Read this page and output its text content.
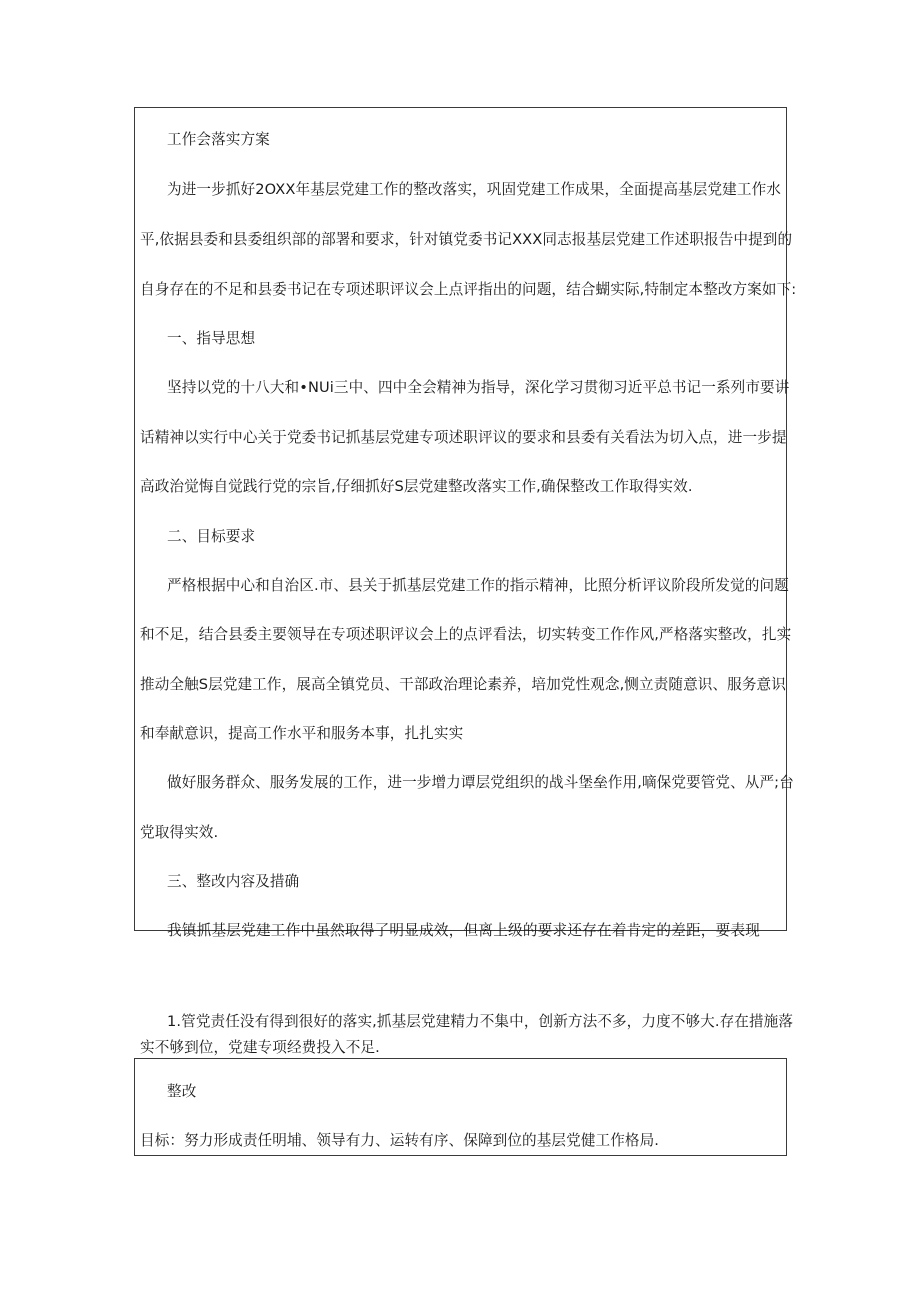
工作会落实方案

为进一步抓好2OXX年基层党建工作的整改落实，巩固党建工作成果，全面提高基层党建工作水

平,依据县委和县委组织部的部署和要求，针对镇党委书记XXX同志报基层党建工作述职报告中提到的

自身存在的不足和县委书记在专项述职评议会上点评指出的问题，结合蝴实际,特制定本整改方案如下:

一、指导思想

坚持以党的十八大和•NUi三中、四中全会精神为指导，深化学习贯彻习近平总书记一系列市要讲

话精神以实行中心关于党委书记抓基层党建专项述职评议的要求和县委有关看法为切入点，进一步提

高政治觉悔自觉践行党的宗旨,仔细抓好S层党建整改落实工作,确保整改工作取得实效.

二、目标要求

严格根据中心和自治区.市、县关于抓基层党建工作的指示精神，比照分析评议阶段所发觉的问题

和不足，结合县委主要领导在专项述职评议会上的点评看法，切实转变工作作风,严格落实整改，扎实

推动全触S层党建工作，展高全镇党员、干部政治理论素养，培加党性观念,恻立责随意识、服务意识

和奉献意识，提高工作水平和服务本事，扎扎实实

做好服务群众、服务发展的工作，进一步增力谭层党组织的战斗堡垒作用,嘀保党要管党、从严;台

党取得实效.

三、整改内容及措确

我镇抓基层党建工作中虽然取得了明显成效，但离上级的要求还存在着肯定的差距，要表现

1.管党责任没有得到很好的落实,抓基层党建精力不集中，创新方法不多，力度不够大.存在措施落

实不够到位，党建专项经费投入不足.

整改

目标：努力形成责任明埔、领导有力、运转有序、保障到位的基层党健工作格局.
